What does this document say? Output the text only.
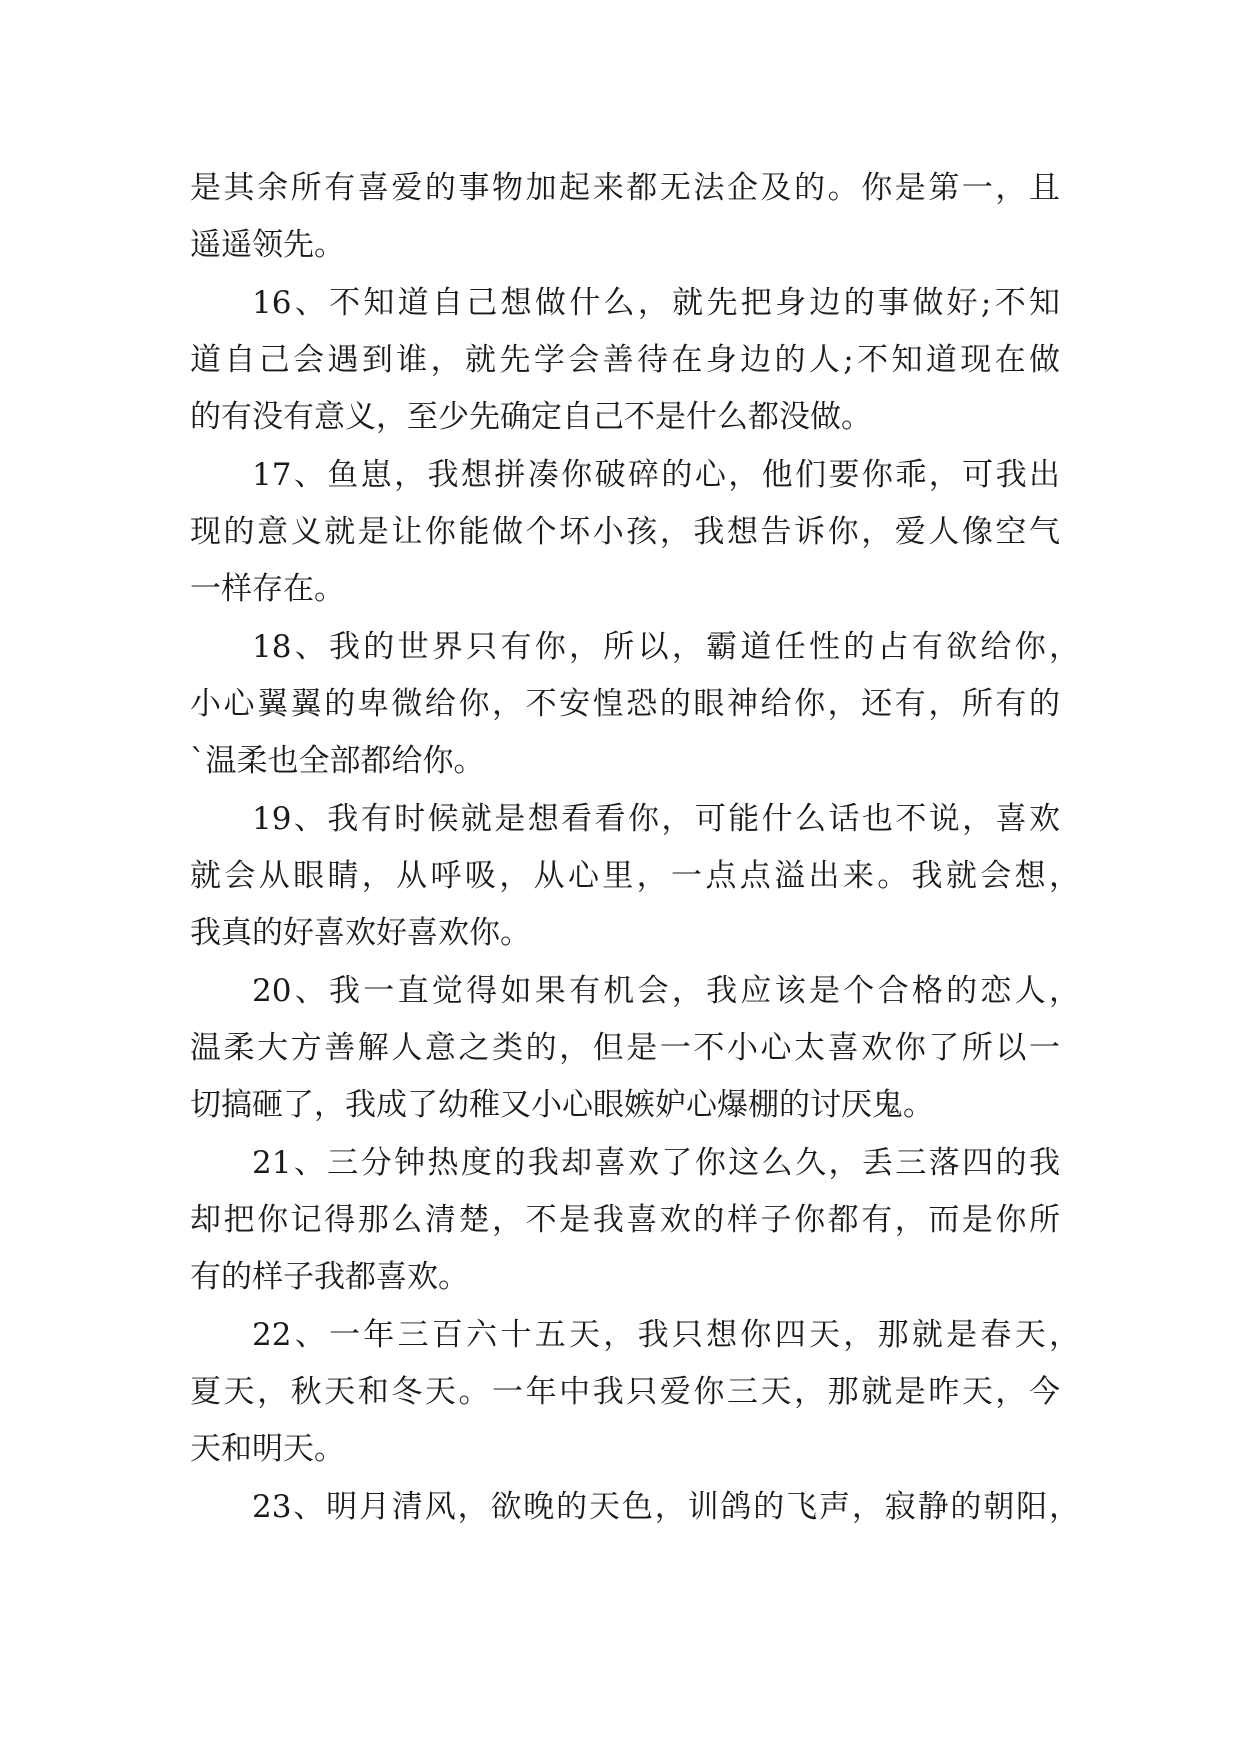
是其余所有喜爱的事物加起来都无法企及的。你是第一，且
遥遥领先。
16、不知道自己想做什么，就先把身边的事做好;不知
道自己会遇到谁，就先学会善待在身边的人;不知道现在做
的有没有意义，至少先确定自己不是什么都没做。
17、鱼崽，我想拼凑你破碎的心，他们要你乖，可我出
现的意义就是让你能做个坏小孩，我想告诉你，爱人像空气
一样存在。
18、我的世界只有你，所以，霸道任性的占有欲给你，
小心翼翼的卑微给你，不安惶恐的眼神给你，还有，所有的
`温柔也全部都给你。
19、我有时候就是想看看你，可能什么话也不说，喜欢
就会从眼睛，从呼吸，从心里，一点点溢出来。我就会想，
我真的好喜欢好喜欢你。
20、我一直觉得如果有机会，我应该是个合格的恋人，
温柔大方善解人意之类的，但是一不小心太喜欢你了所以一
切搞砸了，我成了幼稚又小心眼嫉妒心爆棚的讨厌鬼。
21、三分钟热度的我却喜欢了你这么久，丢三落四的我
却把你记得那么清楚，不是我喜欢的样子你都有，而是你所
有的样子我都喜欢。
22、一年三百六十五天，我只想你四天，那就是春天，
夏天，秋天和冬天。一年中我只爱你三天，那就是昨天，今
天和明天。
23、明月清风，欲晚的天色，训鸽的飞声，寂静的朝阳，
